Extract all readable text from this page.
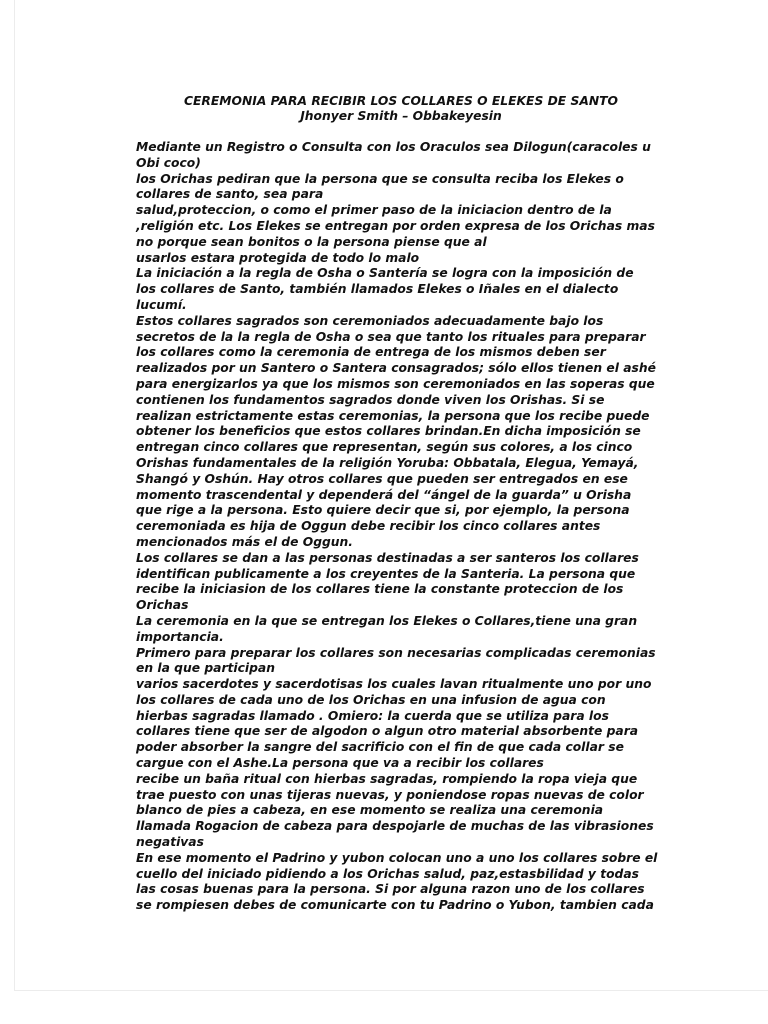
CEREMONIA PARA RECIBIR LOS COLLARES O ELEKES DE SANTO
Jhonyer Smith – Obbakeyesin
Mediante un Registro o Consulta con los Oraculos sea Dilogun(caracoles u
Obi coco)
los Orichas pediran que la persona que se consulta reciba los Elekes o
collares de santo, sea para
salud,proteccion, o como el primer paso de la iniciacion dentro de la
,religión etc. Los Elekes se entregan por orden expresa de los Orichas mas
no porque sean bonitos o la persona piense que al
usarlos estara protegida de todo lo malo
La iniciación a la regla de Osha o Santería se logra con la imposición de
los collares de Santo, también llamados Elekes o Iñales en el dialecto
lucumí.
Estos collares sagrados son ceremoniados adecuadamente bajo los
secretos de la la regla de Osha o sea que tanto los rituales para preparar
los collares como la ceremonia de entrega de los mismos deben ser
realizados por un Santero o Santera consagrados; sólo ellos tienen el ashé
para energizarlos ya que los mismos son ceremoniados en las soperas que
contienen los fundamentos sagrados donde viven los Orishas. Si se
realizan estrictamente estas ceremonias, la persona que los recibe puede
obtener los beneficios que estos collares brindan.En dicha imposición se
entregan cinco collares que representan, según sus colores, a los cinco
Orishas fundamentales de la religión Yoruba: Obbatala, Elegua, Yemayá,
Shangó y Oshún. Hay otros collares que pueden ser entregados en ese
momento trascendental y dependerá del “ángel de la guarda” u Orisha
que rige a la persona. Esto quiere decir que si, por ejemplo, la persona
ceremoniada es hija de Oggun debe recibir los cinco collares antes
mencionados más el de Oggun.
Los collares se dan a las personas destinadas a ser santeros los collares
identifican publicamente a los creyentes de la Santeria. La persona que
recibe la iniciasion de los collares tiene la constante proteccion de los
Orichas
La ceremonia en la que se entregan los Elekes o Collares,tiene una gran
importancia.
Primero para preparar los collares son necesarias complicadas ceremonias
en la que participan
varios sacerdotes y sacerdotisas los cuales lavan ritualmente uno por uno
los collares de cada uno de los Orichas en una infusion de agua con
hierbas sagradas llamado . Omiero: la cuerda que se utiliza para los
collares tiene que ser de algodon o algun otro material absorbente para
poder absorber la sangre del sacrificio con el fin de que cada collar se
cargue con el Ashe.La persona que va a recibir los collares
recibe un baña ritual con hierbas sagradas, rompiendo la ropa vieja que
trae puesto con unas tijeras nuevas, y poniendose ropas nuevas de color
blanco de pies a cabeza, en ese momento se realiza una ceremonia
llamada Rogacion de cabeza para despojarle de muchas de las vibrasiones
negativas
En ese momento el Padrino y yubon colocan uno a uno los collares sobre el
cuello del iniciado pidiendo a los Orichas salud, paz,estasbilidad y todas
las cosas buenas para la persona. Si por alguna razon uno de los collares
se rompiesen debes de comunicarte con tu Padrino o Yubon, tambien cada
